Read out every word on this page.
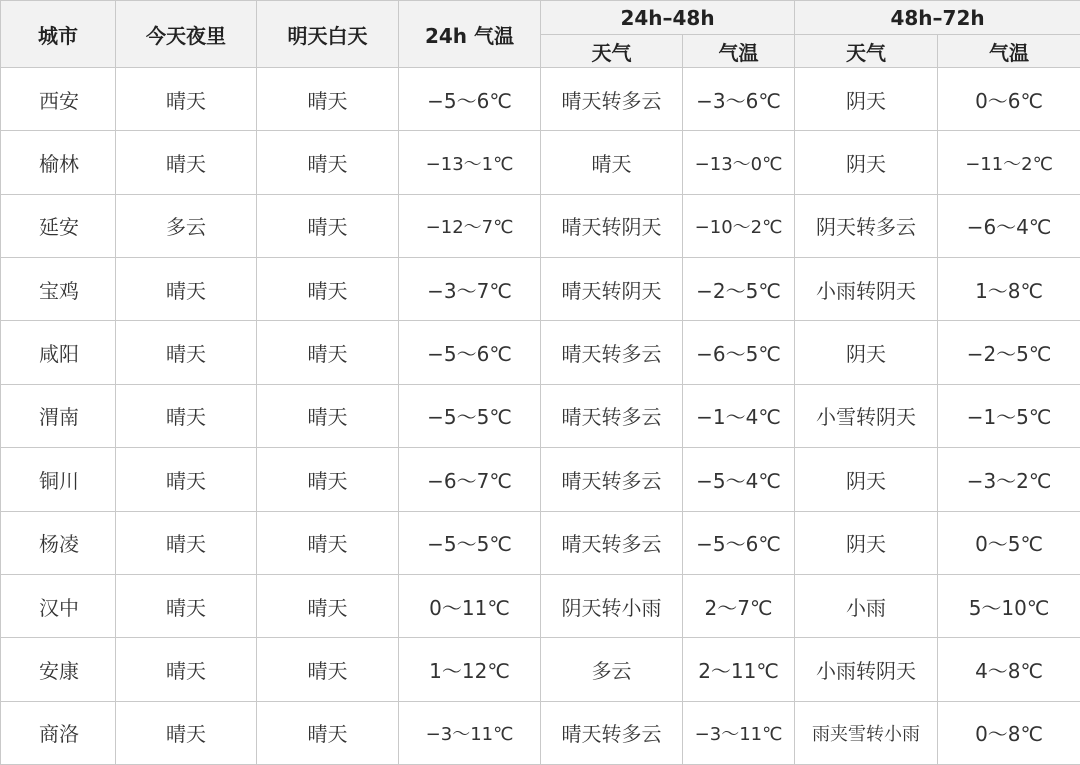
城市	今天夜里	明天白天	24h 气温	24h–48h		48h–72h	
				天气	气温	天气	气温
西安	晴天	晴天	−5～6℃	晴天转多云	−3～6℃	阴天	0～6℃
榆林	晴天	晴天	−13～1℃	晴天	−13～0℃	阴天	−11～2℃
延安	多云	晴天	−12～7℃	晴天转阴天	−10～2℃	阴天转多云	−6～4℃
宝鸡	晴天	晴天	−3～7℃	晴天转阴天	−2～5℃	小雨转阴天	1～8℃
咸阳	晴天	晴天	−5～6℃	晴天转多云	−6～5℃	阴天	−2～5℃
渭南	晴天	晴天	−5～5℃	晴天转多云	−1～4℃	小雪转阴天	−1～5℃
铜川	晴天	晴天	−6～7℃	晴天转多云	−5～4℃	阴天	−3～2℃
杨凌	晴天	晴天	−5～5℃	晴天转多云	−5～6℃	阴天	0～5℃
汉中	晴天	晴天	0～11℃	阴天转小雨	2～7℃	小雨	5～10℃
安康	晴天	晴天	1～12℃	多云	2～11℃	小雨转阴天	4～8℃
商洛	晴天	晴天	−3～11℃	晴天转多云	−3～11℃	雨夹雪转小雨	0～8℃
